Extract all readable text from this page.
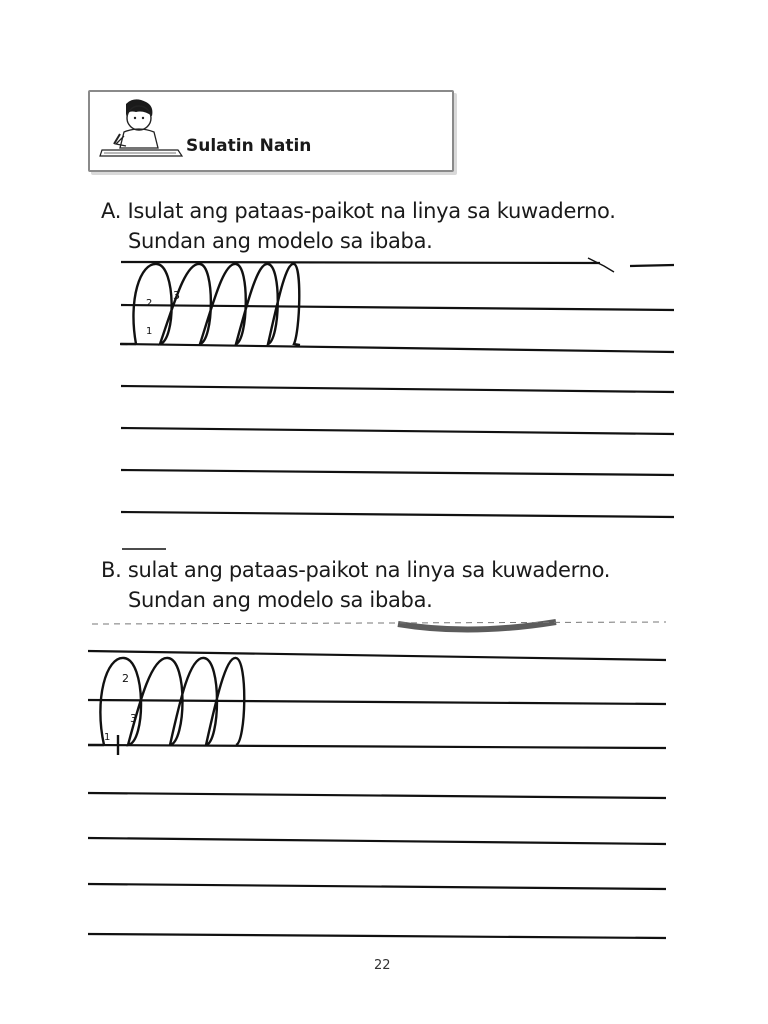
Sulatin Natin
A. Isulat ang pataas-paikot na linya sa kuwaderno.
Sundan ang modelo sa ibaba.
B. sulat ang pataas-paikot na linya sa kuwaderno.
Sundan ang modelo sa ibaba.
3
2
1
2
3
1
22
